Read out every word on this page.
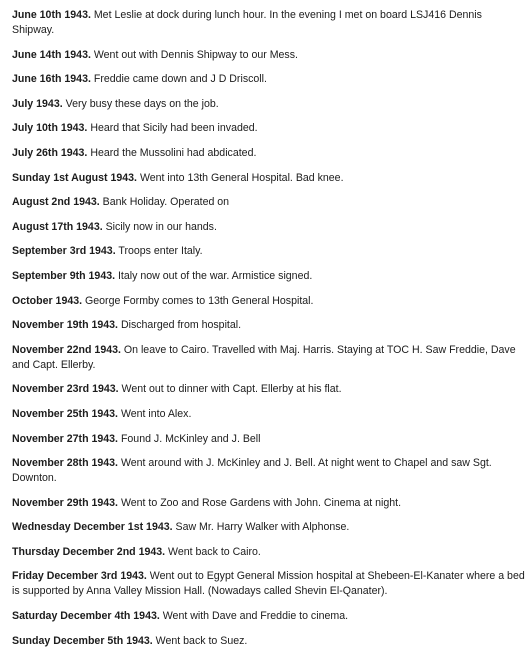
June 10th 1943. Met Leslie at dock during lunch hour. In the evening I met on board LSJ416 Dennis Shipway.

June 14th 1943. Went out with Dennis Shipway to our Mess.

June 16th 1943. Freddie came down and J D Driscoll.

July 1943. Very busy these days on the job.

July 10th 1943. Heard that Sicily had been invaded.

July 26th 1943. Heard the Mussolini had abdicated.

Sunday 1st August 1943. Went into 13th General Hospital. Bad knee.

August 2nd 1943. Bank Holiday. Operated on

August 17th 1943. Sicily now in our hands.

September 3rd 1943. Troops enter Italy.

September 9th 1943. Italy now out of the war. Armistice signed.

October 1943. George Formby comes to 13th General Hospital.

November 19th 1943. Discharged from hospital.

November 22nd 1943. On leave to Cairo. Travelled with Maj. Harris. Staying at TOC H. Saw Freddie, Dave and Capt. Ellerby.

November 23rd 1943. Went out to dinner with Capt. Ellerby at his flat.

November 25th 1943. Went into Alex.

November 27th 1943. Found J. McKinley and J. Bell

November 28th 1943. Went around with J. McKinley and J. Bell. At night went to Chapel and saw Sgt. Downton.

November 29th 1943. Went to Zoo and Rose Gardens with John. Cinema at night.

Wednesday December 1st 1943. Saw Mr. Harry Walker with Alphonse.

Thursday December 2nd 1943. Went back to Cairo.

Friday December 3rd 1943. Went out to Egypt General Mission hospital at Shebeen-El-Kanater where a bed is supported by Anna Valley Mission Hall. (Nowadays called Shevin El-Qanater).

Saturday December 4th 1943. Went with Dave and Freddie to cinema.

Sunday December 5th 1943. Went back to Suez.
